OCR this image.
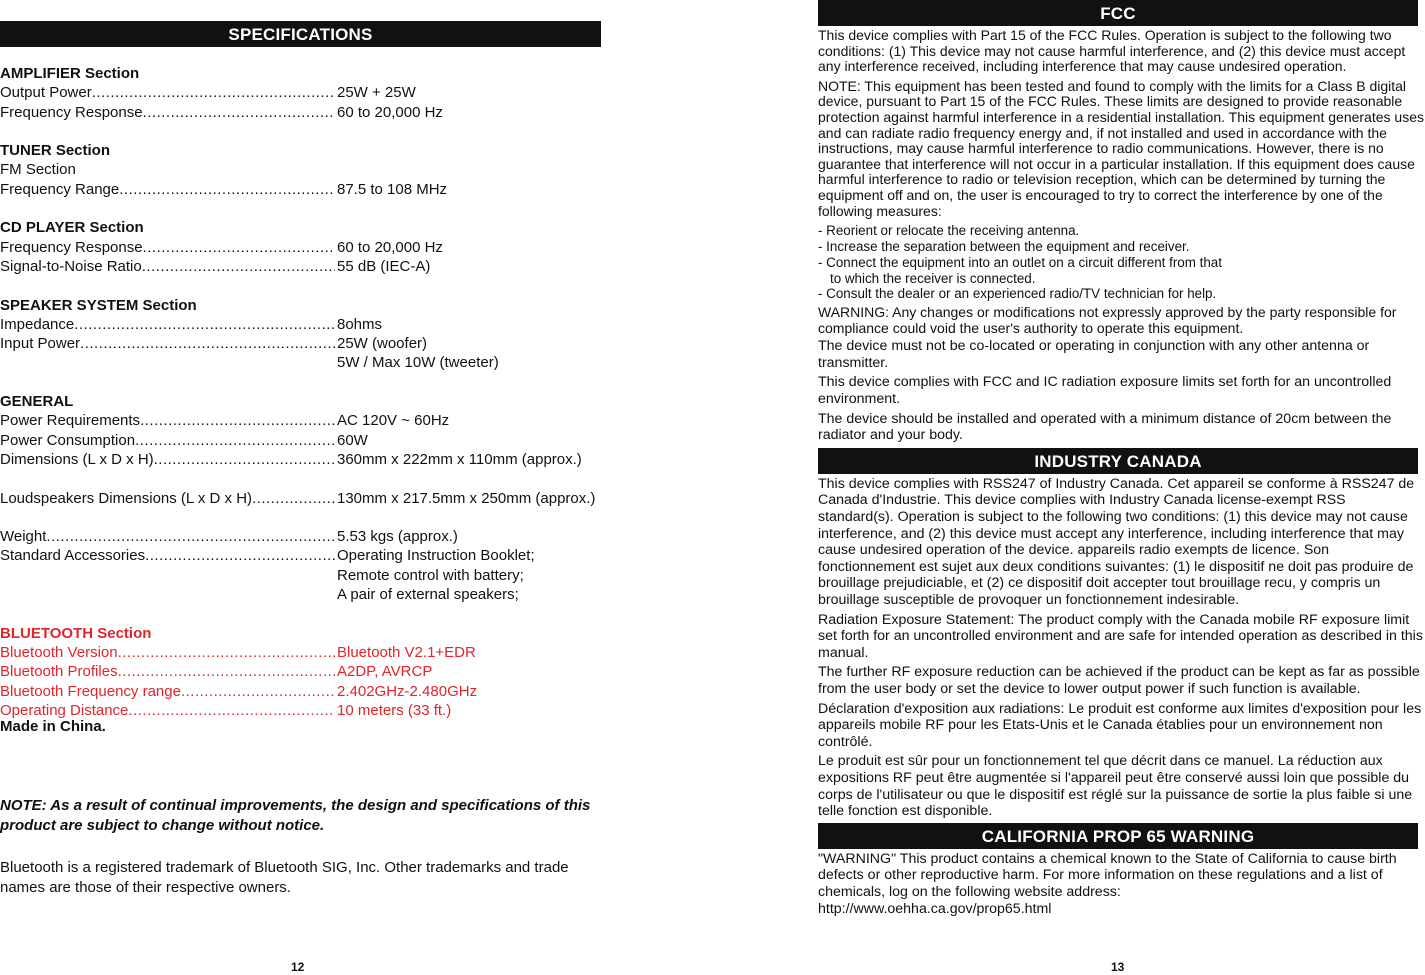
SPECIFICATIONS
AMPLIFIER Section
Output Power .....	25W + 25W
Frequency Response .....	60 to 20,000 Hz
TUNER Section
FM Section
Frequency Range .....	87.5 to 108 MHz
CD PLAYER Section
Frequency Response .....	60 to 20,000 Hz
Signal-to-Noise Ratio .....	55 dB (IEC-A)
SPEAKER SYSTEM Section
Impedance .....	8ohms
Input Power .....	25W (woofer)
5W / Max 10W (tweeter)
GENERAL
Power Requirements .....	AC 120V ~ 60Hz
Power Consumption .....	60W
Dimensions (L x D x H) .....	360mm x 222mm x 110mm (approx.)
Loudspeakers Dimensions (L x D x H) .....	130mm x 217.5mm x 250mm (approx.)
Weight .....	5.53 kgs (approx.)
Standard Accessories .....	Operating Instruction Booklet;
Remote control with battery;
A pair of external speakers;
BLUETOOTH Section
Bluetooth Version .....	Bluetooth V2.1+EDR
Bluetooth Profiles .....	A2DP, AVRCP
Bluetooth Frequency range .....	2.402GHz-2.480GHz
Operating Distance .....	10 meters (33 ft.)
Made in China.
NOTE: As a result of continual improvements, the design and specifications of this product are subject to change without notice.
Bluetooth is a registered trademark of Bluetooth SIG, Inc. Other trademarks and trade names are those of their respective owners.
12
FCC

This device complies with Part 15 of the FCC Rules. Operation is subject to the following two conditions: (1) This device may not cause harmful interference, and (2) this device must accept any interference received, including interference that may cause undesired operation.

NOTE: This equipment has been tested and found to comply with the limits for a Class B digital device, pursuant to Part 15 of the FCC Rules. These limits are designed to provide reasonable protection against harmful interference in a residential installation. This equipment generates uses and can radiate radio frequency energy and, if not installed and used in accordance with the instructions, may cause harmful interference to radio communications. However, there is no guarantee that interference will not occur in a particular installation. If this equipment does cause harmful interference to radio or television reception, which can be determined by turning the equipment off and on, the user is encouraged to try to correct the interference by one of the following measures:

- Reorient or relocate the receiving antenna.
- Increase the separation between the equipment and receiver.
- Connect the equipment into an outlet on a circuit different from that
to which the receiver is connected.
- Consult the dealer or an experienced radio/TV technician for help.

WARNING: Any changes or modifications not expressly approved by the party responsible for compliance could void the user's authority to operate this equipment.

The device must not be co-located or operating in conjunction with any other antenna or transmitter.

This device complies with FCC and IC radiation exposure limits set forth for an uncontrolled environment.

The device should be installed and operated with a minimum distance of 20cm between the radiator and your body.

INDUSTRY CANADA

This device complies with RSS247 of Industry Canada. Cet appareil se conforme à RSS247 de Canada d'Industrie. This device complies with Industry Canada license-exempt RSS standard(s). Operation is subject to the following two conditions: (1) this device may not cause interference, and (2) this device must accept any interference, including interference that may cause undesired operation of the device. appareils radio exempts de licence. Son fonctionnement est sujet aux deux conditions suivantes: (1) le dispositif ne doit pas produire de brouillage prejudiciable, et (2) ce dispositif doit accepter tout brouillage recu, y compris un brouillage susceptible de provoquer un fonctionnement indesirable.

Radiation Exposure Statement: The product comply with the Canada mobile RF exposure limit set forth for an uncontrolled environment and are safe for intended operation as described in this manual.

The further RF exposure reduction can be achieved if the product can be kept as far as possible from the user body or set the device to lower output power if such function is available.

Déclaration d'exposition aux radiations: Le produit est conforme aux limites d'exposition pour les appareils mobile RF pour les Etats-Unis et le Canada établies pour un environnement non contrôlé.

Le produit est sûr pour un fonctionnement tel que décrit dans ce manuel. La réduction aux expositions RF peut être augmentée si l'appareil peut être conservé aussi loin que possible du corps de l'utilisateur ou que le dispositif est réglé sur la puissance de sortie la plus faible si une telle fonction est disponible.

CALIFORNIA PROP 65 WARNING
"WARNING" This product contains a chemical known to the State of California to cause birth defects or other reproductive harm. For more information on these regulations and a list of chemicals, log on the following website address:
http://www.oehha.ca.gov/prop65.html
13
